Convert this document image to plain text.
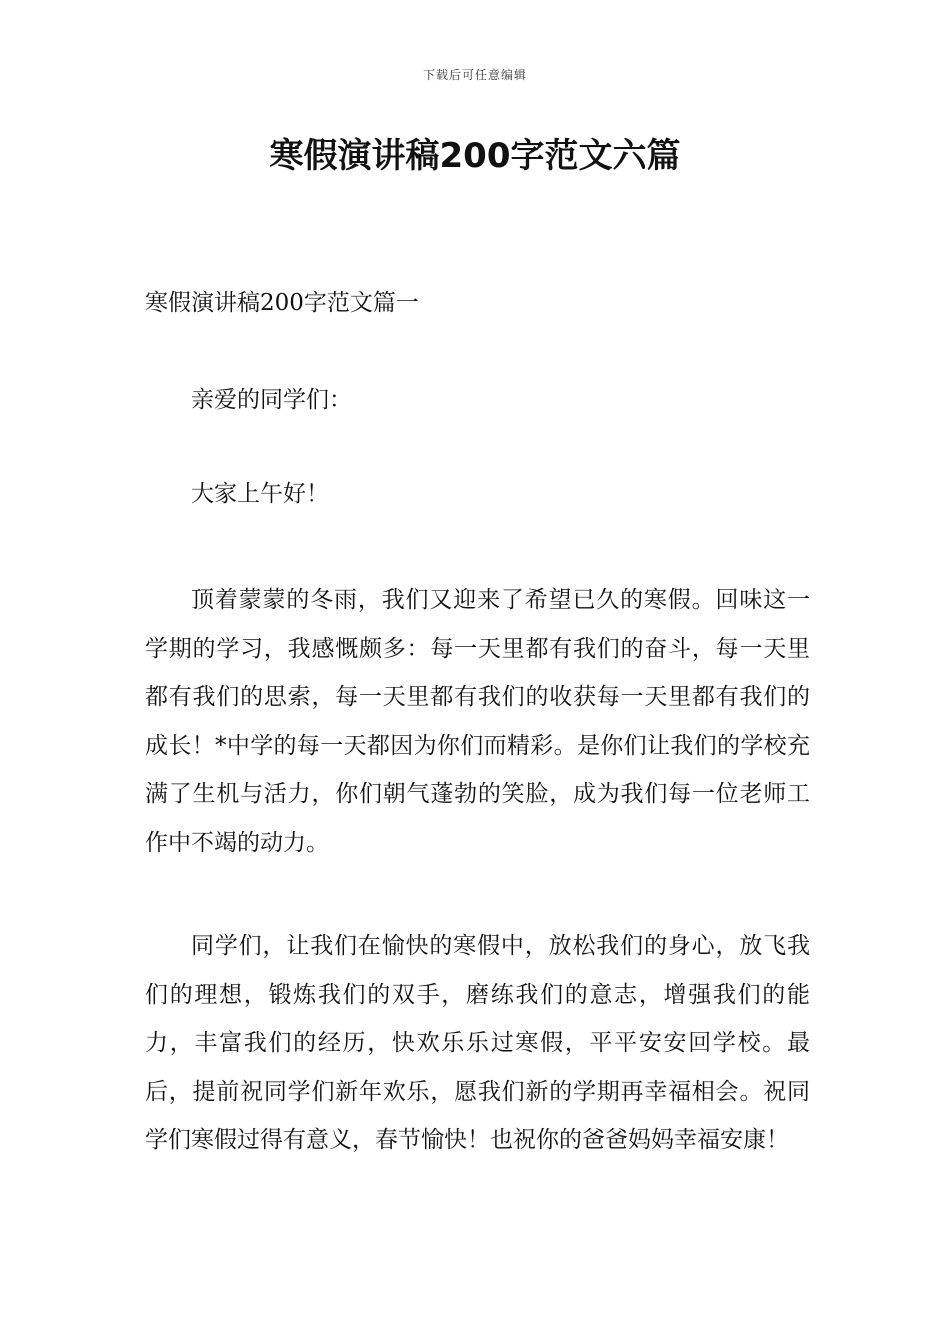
下载后可任意编辑
寒假演讲稿200字范文六篇
寒假演讲稿200字范文篇一

亲爱的同学们：

大家上午好！

顶着蒙蒙的冬雨，我们又迎来了希望已久的寒假。回味这一学期的学习，我感慨颇多：每一天里都有我们的奋斗，每一天里都有我们的思索，每一天里都有我们的收获每一天里都有我们的成长！*中学的每一天都因为你们而精彩。是你们让我们的学校充满了生机与活力，你们朝气蓬勃的笑脸，成为我们每一位老师工作中不竭的动力。

同学们，让我们在愉快的寒假中，放松我们的身心，放飞我们的理想，锻炼我们的双手，磨练我们的意志，增强我们的能力，丰富我们的经历，快欢乐乐过寒假，平平安安回学校。最后，提前祝同学们新年欢乐，愿我们新的学期再幸福相会。祝同学们寒假过得有意义，春节愉快！也祝你的爸爸妈妈幸福安康！
